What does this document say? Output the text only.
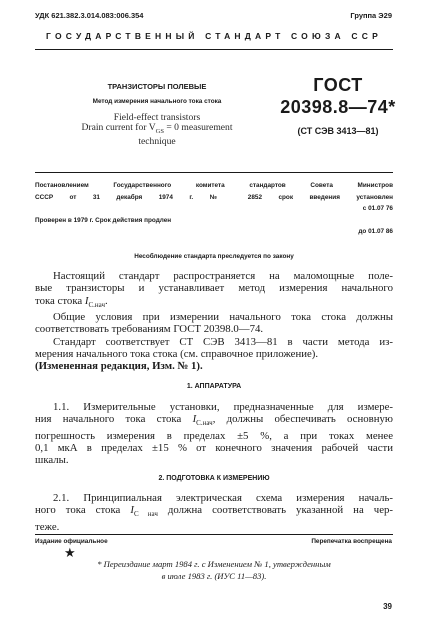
УДК 621.382.3.014.083:006.354	Группа Э29
ГОСУДАРСТВЕННЫЙ СТАНДАРТ СОЮЗА ССР
ТРАНЗИСТОРЫ ПОЛЕВЫЕ
Метод измерения начального тока стока
Field-effect transistors
Drain current for $V_{GS} = 0$ measurement
technique
ГОСТ
20398.8—74*
(СТ СЭВ 3413—81)
Постановлением Государственного комитета стандартов Совета Министров
СССР от 31 декабря 1974 г. № 2852 срок введения установлен
с 01.07 76
Проверен в 1979 г. Срок действия продлен
до 01.07 86
Несоблюдение стандарта преследуется по закону
Настоящий стандарт распространяется на маломощные поле-
вые транзисторы и устанавливает метод измерения начального
тока стока $I_{С.нач}$.
Общие условия при измерении начального тока стока должны
соответствовать требованиям ГОСТ 20398.0—74.
Стандарт соответствует СТ СЭВ 3413—81 в части метода из-
мерения начального тока стока (см. справочное приложение).
(Измененная редакция, Изм. № 1).
1. АППАРАТУРА
1.1. Измерительные установки, предназначенные для измере-
ния начального тока стока $I_{С.нач}$, должны обеспечивать основную
погрешность измерения в пределах ±5 %, а при токах менее
0,1 мкА в пределах ±15 % от конечного значения рабочей части
шкалы.
2. ПОДГОТОВКА К ИЗМЕРЕНИЮ
2.1. Принципиальная электрическая схема измерения началь-
ного тока стока $I_{С нач}$ должна соответствовать указанной на чер-
теже.
Издание официальное	Перепечатка воспрещена
★
* Переиздание март 1984 г. с Изменением № 1, утвержденным
в июле 1983 г. (ИУС 11—83).
39
